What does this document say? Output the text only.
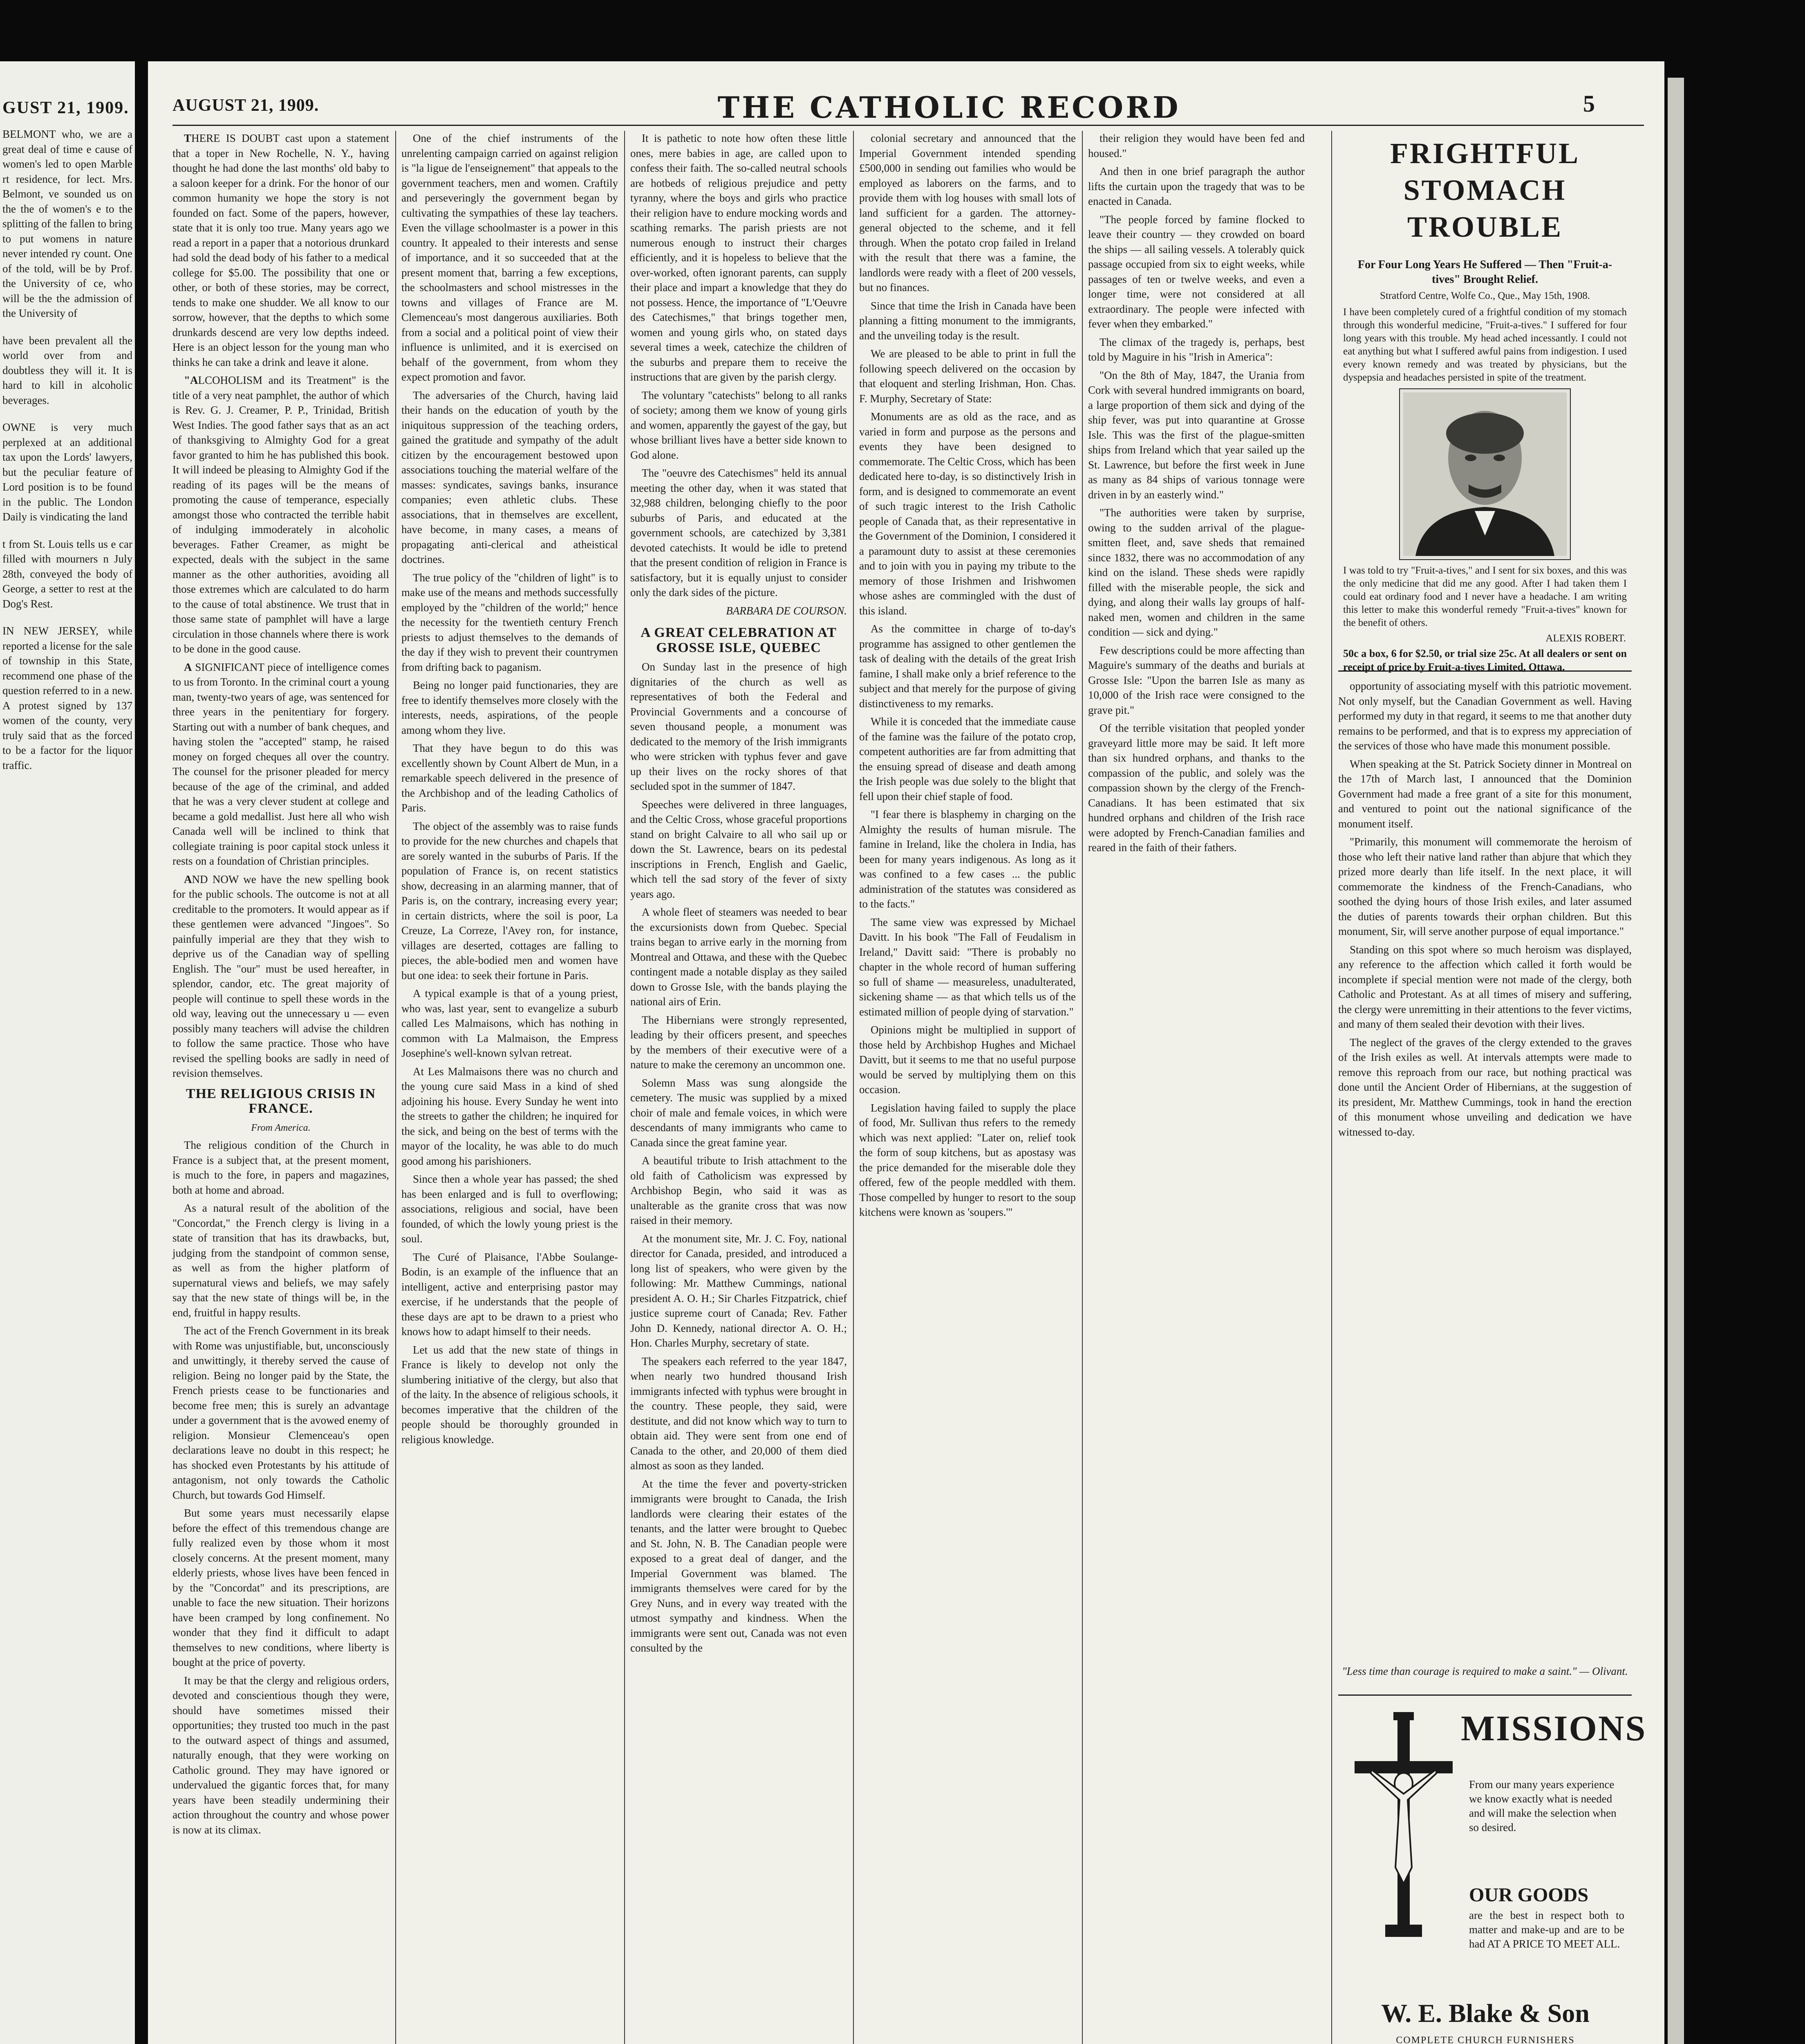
GUST 21, 1909.

BELMONT who, we are a great deal of time e cause of women's led to open Marble rt residence, for lect. Mrs. Belmont, ve sounded us on the the of women's e to the splitting of the fallen to bring to put womens in nature never intended ry count. One of the told, will be by Prof. the University of ce, who will be the the admission of the University of

have been prevalent all the world over from and doubtless they will it. It is hard to kill in alcoholic beverages.

OWNE is very much perplexed at an additional tax upon the Lords' lawyers, but the peculiar feature of Lord position is to be found in the public. The London Daily is vindicating the land

t from St. Louis tells us e car filled with mourners n July 28th, conveyed the body of George, a setter to rest at the Dog's Rest.

IN NEW JERSEY, while reported a license for the sale of township in this State, recommend one phase of the question referred to in a new. A protest signed by 137 women of the county, very truly said that as the forced to be a factor for the liquor traffic.

AUGUST 21, 1909.	THE CATHOLIC RECORD	5

THERE IS DOUBT cast upon a statement that a toper in New Rochelle, N. Y., having thought he had done the last months' old baby to a saloon keeper for a drink. For the honor of our common humanity we hope the story is not founded on fact. Some of the papers, however, state that it is only too true. Many years ago we read a report in a paper that a notorious drunkard had sold the dead body of his father to a medical college for $5.00. The possibility that one or other, or both of these stories, may be correct, tends to make one shudder. We all know to our sorrow, however, that the depths to which some drunkards descend are very low depths indeed. Here is an object lesson for the young man who thinks he can take a drink and leave it alone.

"ALCOHOLISM and its Treatment" is the title of a very neat pamphlet, the author of which is Rev. G. J. Creamer, P. P., Trinidad, British West Indies. The good father says that as an act of thanksgiving to Almighty God for a great favor granted to him he has published this book. It will indeed be pleasing to Almighty God if the reading of its pages will be the means of promoting the cause of temperance, especially amongst those who contracted the terrible habit of indulging immoderately in alcoholic beverages. Father Creamer, as might be expected, deals with the subject in the same manner as the other authorities, avoiding all those extremes which are calculated to do harm to the cause of total abstinence. We trust that in those same state of pamphlet will have a large circulation in those channels where there is work to be done in the good cause.

A SIGNIFICANT piece of intelligence comes to us from Toronto. In the criminal court a young man, twenty-two years of age, was sentenced for three years in the penitentiary for forgery. Starting out with a number of bank cheques, and having stolen the "accepted" stamp, he raised money on forged cheques all over the country. The counsel for the prisoner pleaded for mercy because of the age of the criminal, and added that he was a very clever student at college and became a gold medallist. Just here all who wish Canada well will be inclined to think that collegiate training is poor capital stock unless it rests on a foundation of Christian principles.

AND NOW we have the new spelling book for the public schools. The outcome is not at all creditable to the promoters. It would appear as if these gentlemen were advanced "Jingoes". So painfully imperial are they that they wish to deprive us of the Canadian way of spelling English. The "our" must be used hereafter, in splendor, candor, etc. The great majority of people will continue to spell these words in the old way, leaving out the unnecessary u — even possibly many teachers will advise the children to follow the same practice. Those who have revised the spelling books are sadly in need of revision themselves.

THE RELIGIOUS CRISIS IN FRANCE.
From America.

The religious condition of the Church in France is a subject that, at the present moment, is much to the fore, in papers and magazines, both at home and abroad.

As a natural result of the abolition of the "Concordat," the French clergy is living in a state of transition that has its drawbacks, but, judging from the standpoint of common sense, as well as from the higher platform of supernatural views and beliefs, we may safely say that the new state of things will be, in the end, fruitful in happy results.

The act of the French Government in its break with Rome was unjustifiable, but, unconsciously and unwittingly, it thereby served the cause of religion. Being no longer paid by the State, the French priests cease to be functionaries and become free men; this is surely an advantage under a government that is the avowed enemy of religion. Monsieur Clemenceau's open declarations leave no doubt in this respect; he has shocked even Protestants by his attitude of antagonism, not only towards the Catholic Church, but towards God Himself.

But some years must necessarily elapse before the effect of this tremendous change are fully realized even by those whom it most closely concerns. At the present moment, many elderly priests, whose lives have been fenced in by the "Concordat" and its prescriptions, are unable to face the new situation. Their horizons have been cramped by long confinement. No wonder that they find it difficult to adapt themselves to new conditions, where liberty is bought at the price of poverty.

It may be that the clergy and religious orders, devoted and conscientious though they were, should have sometimes missed their opportunities; they trusted too much in the past to the outward aspect of things and assumed, naturally enough, that they were working on Catholic ground. They may have ignored or undervalued the gigantic forces that, for many years have been steadily undermining their action throughout the country and whose power is now at its climax.

One of the chief instruments of the unrelenting campaign carried on against religion is "la ligue de l'enseignement" that appeals to the government teachers, men and women. Craftily and perseveringly the government began by cultivating the sympathies of these lay teachers. Even the village schoolmaster is a power in this country. It appealed to their interests and sense of importance, and it so succeeded that at the present moment that, barring a few exceptions, the schoolmasters and school mistresses in the towns and villages of France are M. Clemenceau's most dangerous auxiliaries. Both from a social and a political point of view their influence is unlimited, and it is exercised on behalf of the government, from whom they expect promotion and favor.

The adversaries of the Church, having laid their hands on the education of youth by the iniquitous suppression of the teaching orders, gained the gratitude and sympathy of the adult citizen by the encouragement bestowed upon associations touching the material welfare of the masses: syndicates, savings banks, insurance companies; even athletic clubs. These associations, that in themselves are excellent, have become, in many cases, a means of propagating anti-clerical and atheistical doctrines.

The true policy of the "children of light" is to make use of the means and methods successfully employed by the "children of the world;" hence the necessity for the twentieth century French priests to adjust themselves to the demands of the day if they wish to prevent their countrymen from drifting back to paganism.

Being no longer paid functionaries, they are free to identify themselves more closely with the interests, needs, aspirations, of the people among whom they live.

That they have begun to do this was excellently shown by Count Albert de Mun, in a remarkable speech delivered in the presence of the Archbishop and of the leading Catholics of Paris.

The object of the assembly was to raise funds to provide for the new churches and chapels that are sorely wanted in the suburbs of Paris. If the population of France is, on recent statistics show, decreasing in an alarming manner, that of Paris is, on the contrary, increasing every year; in certain districts, where the soil is poor, La Creuze, La Correze, l'Avey ron, for instance, villages are deserted, cottages are falling to pieces, the able-bodied men and women have but one idea: to seek their fortune in Paris.

A typical example is that of a young priest, who was, last year, sent to evangelize a suburb called Les Malmaisons, which has nothing in common with La Malmaison, the Empress Josephine's well-known sylvan retreat.

At Les Malmaisons there was no church and the young cure said Mass in a kind of shed adjoining his house. Every Sunday he went into the streets to gather the children; he inquired for the sick, and being on the best of terms with the mayor of the locality, he was able to do much good among his parishioners.

Since then a whole year has passed; the shed has been enlarged and is full to overflowing; associations, religious and social, have been founded, of which the lowly young priest is the soul.

The Curé of Plaisance, l'Abbe Soulange-Bodin, is an example of the influence that an intelligent, active and enterprising pastor may exercise, if he understands that the people of these days are apt to be drawn to a priest who knows how to adapt himself to their needs.

Let us add that the new state of things in France is likely to develop not only the slumbering initiative of the clergy, but also that of the laity. In the absence of religious schools, it becomes imperative that the children of the people should be thoroughly grounded in religious knowledge.

It is pathetic to note how often these little ones, mere babies in age, are called upon to confess their faith. The so-called neutral schools are hotbeds of religious prejudice and petty tyranny, where the boys and girls who practice their religion have to endure mocking words and scathing remarks. The parish priests are not numerous enough to instruct their charges efficiently, and it is hopeless to believe that the over-worked, often ignorant parents, can supply their place and impart a knowledge that they do not possess. Hence, the importance of "L'Oeuvre des Catechismes," that brings together men, women and young girls who, on stated days several times a week, catechize the children of the suburbs and prepare them to receive the instructions that are given by the parish clergy.

The voluntary "catechists" belong to all ranks of society; among them we know of young girls and women, apparently the gayest of the gay, but whose brilliant lives have a better side known to God alone.

The "oeuvre des Catechismes" held its annual meeting the other day, when it was stated that 32,988 children, belonging chiefly to the poor suburbs of Paris, and educated at the government schools, are catechized by 3,381 devoted catechists. It would be idle to pretend that the present condition of religion in France is satisfactory, but it is equally unjust to consider only the dark sides of the picture.

BARBARA DE COURSON.
A GREAT CELEBRATION AT GROSSE ISLE, QUEBEC

On Sunday last in the presence of high dignitaries of the church as well as representatives of both the Federal and Provincial Governments and a concourse of seven thousand people, a monument was dedicated to the memory of the Irish immigrants who were stricken with typhus fever and gave up their lives on the rocky shores of that secluded spot in the summer of 1847.

Speeches were delivered in three languages, and the Celtic Cross, whose graceful proportions stand on bright Calvaire to all who sail up or down the St. Lawrence, bears on its pedestal inscriptions in French, English and Gaelic, which tell the sad story of the fever of sixty years ago.

A whole fleet of steamers was needed to bear the excursionists down from Quebec. Special trains began to arrive early in the morning from Montreal and Ottawa, and these with the Quebec contingent made a notable display as they sailed down to Grosse Isle, with the bands playing the national airs of Erin.

The Hibernians were strongly represented, leading by their officers present, and speeches by the members of their executive were of a nature to make the ceremony an uncommon one.

Solemn Mass was sung alongside the cemetery. The music was supplied by a mixed choir of male and female voices, in which were descendants of many immigrants who came to Canada since the great famine year.

A beautiful tribute to Irish attachment to the old faith of Catholicism was expressed by Archbishop Begin, who said it was as unalterable as the granite cross that was now raised in their memory.

At the monument site, Mr. J. C. Foy, national director for Canada, presided, and introduced a long list of speakers, who were given by the following: Mr. Matthew Cummings, national president A. O. H.; Sir Charles Fitzpatrick, chief justice supreme court of Canada; Rev. Father John D. Kennedy, national director A. O. H.; Hon. Charles Murphy, secretary of state.

The speakers each referred to the year 1847, when nearly two hundred thousand Irish immigrants infected with typhus were brought in the country. These people, they said, were destitute, and did not know which way to turn to obtain aid. They were sent from one end of Canada to the other, and 20,000 of them died almost as soon as they landed.

At the time the fever and poverty-stricken immigrants were brought to Canada, the Irish landlords were clearing their estates of the tenants, and the latter were brought to Quebec and St. John, N. B. The Canadian people were exposed to a great deal of danger, and the Imperial Government was blamed. The immigrants themselves were cared for by the Grey Nuns, and in every way treated with the utmost sympathy and kindness. When the immigrants were sent out, Canada was not even consulted by the

colonial secretary and announced that the Imperial Government intended spending £500,000 in sending out families who would be employed as laborers on the farms, and to provide them with log houses with small lots of land sufficient for a garden. The attorney-general objected to the scheme, and it fell through. When the potato crop failed in Ireland with the result that there was a famine, the landlords were ready with a fleet of 200 vessels, but no finances.

Since that time the Irish in Canada have been planning a fitting monument to the immigrants, and the unveiling today is the result.

We are pleased to be able to print in full the following speech delivered on the occasion by that eloquent and sterling Irishman, Hon. Chas. F. Murphy, Secretary of State:

Monuments are as old as the race, and as varied in form and purpose as the persons and events they have been designed to commemorate. The Celtic Cross, which has been dedicated here to-day, is so distinctively Irish in form, and is designed to commemorate an event of such tragic interest to the Irish Catholic people of Canada that, as their representative in the Government of the Dominion, I considered it a paramount duty to assist at these ceremonies and to join with you in paying my tribute to the memory of those Irishmen and Irishwomen whose ashes are commingled with the dust of this island.

As the committee in charge of to-day's programme has assigned to other gentlemen the task of dealing with the details of the great Irish famine, I shall make only a brief reference to the subject and that merely for the purpose of giving distinctiveness to my remarks.

While it is conceded that the immediate cause of the famine was the failure of the potato crop, competent authorities are far from admitting that the ensuing spread of disease and death among the Irish people was due solely to the blight that fell upon their chief staple of food.

"I fear there is blasphemy in charging on the Almighty the results of human misrule. The famine in Ireland, like the cholera in India, has been for many years indigenous. As long as it was confined to a few cases ... the public administration of the statutes was considered as to the facts."

The same view was expressed by Michael Davitt. In his book "The Fall of Feudalism in Ireland," Davitt said: "There is probably no chapter in the whole record of human suffering so full of shame — measureless, unadulterated, sickening shame — as that which tells us of the estimated million of people dying of starvation."

Opinions might be multiplied in support of those held by Archbishop Hughes and Michael Davitt, but it seems to me that no useful purpose would be served by multiplying them on this occasion.

Legislation having failed to supply the place of food, Mr. Sullivan thus refers to the remedy which was next applied: "Later on, relief took the form of soup kitchens, but as apostasy was the price demanded for the miserable dole they offered, few of the people meddled with them. Those compelled by hunger to resort to the soup kitchens were known as 'soupers.'"

their religion they would have been fed and housed."

And then in one brief paragraph the author lifts the curtain upon the tragedy that was to be enacted in Canada.

"The people forced by famine flocked to leave their country — they crowded on board the ships — all sailing vessels. A tolerably quick passage occupied from six to eight weeks, while passages of ten or twelve weeks, and even a longer time, were not considered at all extraordinary. The people were infected with fever when they embarked."

The climax of the tragedy is, perhaps, best told by Maguire in his "Irish in America":

"On the 8th of May, 1847, the Urania from Cork with several hundred immigrants on board, a large proportion of them sick and dying of the ship fever, was put into quarantine at Grosse Isle. This was the first of the plague-smitten ships from Ireland which that year sailed up the St. Lawrence, but before the first week in June as many as 84 ships of various tonnage were driven in by an easterly wind."

"The authorities were taken by surprise, owing to the sudden arrival of the plague-smitten fleet, and, save sheds that remained since 1832, there was no accommodation of any kind on the island. These sheds were rapidly filled with the miserable people, the sick and dying, and along their walls lay groups of half-naked men, women and children in the same condition — sick and dying."

Few descriptions could be more affecting than Maguire's summary of the deaths and burials at Grosse Isle: "Upon the barren Isle as many as 10,000 of the Irish race were consigned to the grave pit."

Of the terrible visitation that peopled yonder graveyard little more may be said. It left more than six hundred orphans, and thanks to the compassion of the public, and solely was the compassion shown by the clergy of the French-Canadians. It has been estimated that six hundred orphans and children of the Irish race were adopted by French-Canadian families and reared in the faith of their fathers.

opportunity of associating myself with this patriotic movement. Not only myself, but the Canadian Government as well. Having performed my duty in that regard, it seems to me that another duty remains to be performed, and that is to express my appreciation of the services of those who have made this monument possible.

When speaking at the St. Patrick Society dinner in Montreal on the 17th of March last, I announced that the Dominion Government had made a free grant of a site for this monument, and ventured to point out the national significance of the monument itself.

"Primarily, this monument will commemorate the heroism of those who left their native land rather than abjure that which they prized more dearly than life itself. In the next place, it will commemorate the kindness of the French-Canadians, who soothed the dying hours of those Irish exiles, and later assumed the duties of parents towards their orphan children. But this monument, Sir, will serve another purpose of equal importance."

Standing on this spot where so much heroism was displayed, any reference to the affection which called it forth would be incomplete if special mention were not made of the clergy, both Catholic and Protestant. As at all times of misery and suffering, the clergy were unremitting in their attentions to the fever victims, and many of them sealed their devotion with their lives.

The neglect of the graves of the clergy extended to the graves of the Irish exiles as well. At intervals attempts were made to remove this reproach from our race, but nothing practical was done until the Ancient Order of Hibernians, at the suggestion of its president, Mr. Matthew Cummings, took in hand the erection of this monument whose unveiling and dedication we have witnessed to-day.

"Less time than courage is required to make a saint." — Olivant.
FRIGHTFUL STOMACH
TROUBLE
For Four Long Years He Suffered — Then "Fruit-a-tives" Brought Relief.
Stratford Centre, Wolfe Co., Que., May 15th, 1908.
I have been completely cured of a frightful condition of my stomach through this wonderful medicine, "Fruit-a-tives." I suffered for four long years with this trouble. My head ached incessantly. I could not eat anything but what I suffered awful pains from indigestion. I used every known remedy and was treated by physicians, but the dyspepsia and headaches persisted in spite of the treatment.
I was told to try "Fruit-a-tives," and I sent for six boxes, and this was the only medicine that did me any good. After I had taken them I could eat ordinary food and I never have a headache. I am writing this letter to make this wonderful remedy "Fruit-a-tives" known for the benefit of others.
ALEXIS ROBERT.
50c a box, 6 for $2.50, or trial size 25c. At all dealers or sent on receipt of price by Fruit-a-tives Limited, Ottawa.
MISSIONS
From our many years experience we know exactly what is needed and will make the selection when so desired.
OUR GOODS
are the best in respect both to matter and make-up and are to be had AT A PRICE TO MEET ALL.
W. E. Blake & Son
COMPLETE CHURCH FURNISHERS
